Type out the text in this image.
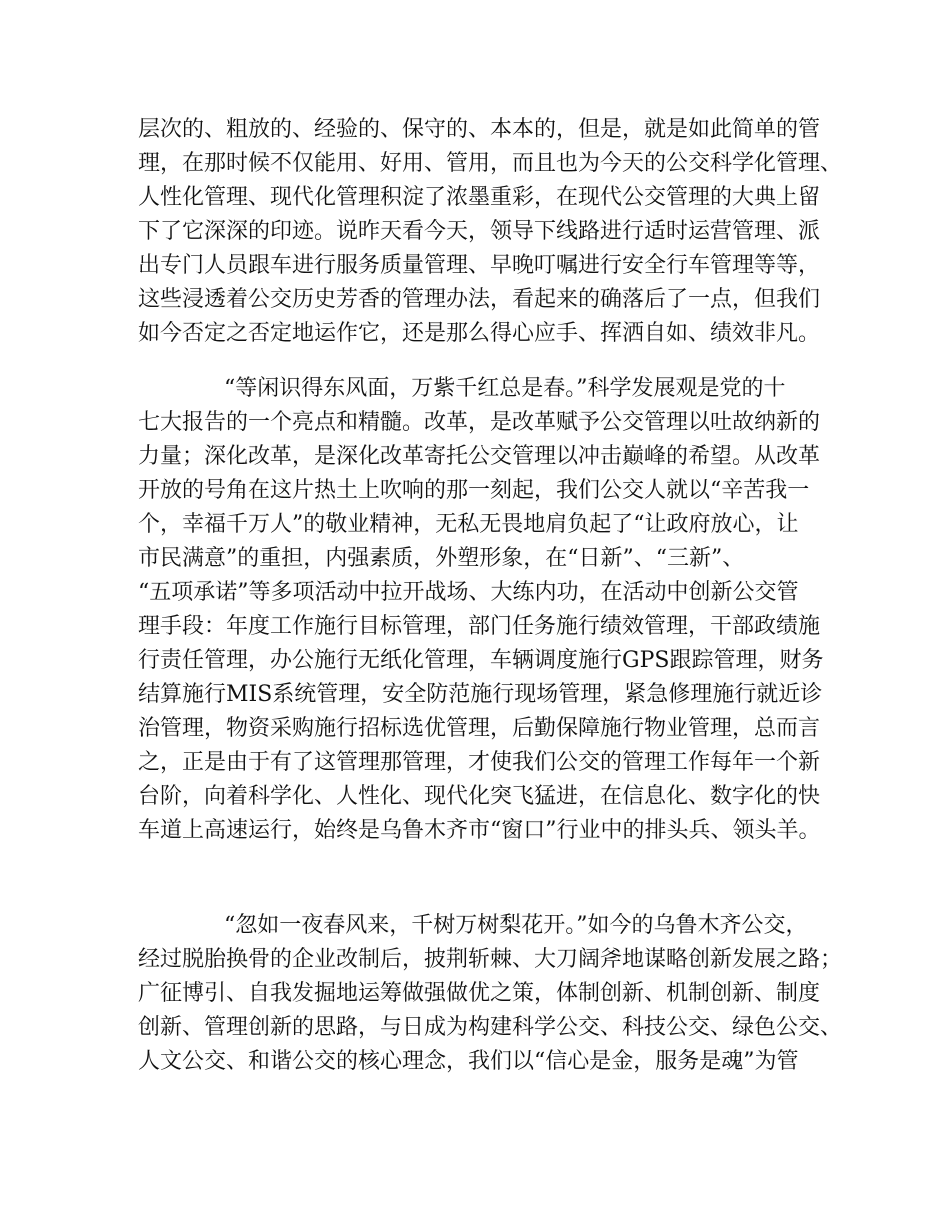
层次的、粗放的、经验的、保守的、本本的，但是，就是如此简单的管
理，在那时候不仅能用、好用、管用，而且也为今天的公交科学化管理、
人性化管理、现代化管理积淀了浓墨重彩，在现代公交管理的大典上留
下了它深深的印迹。说昨天看今天，领导下线路进行适时运营管理、派
出专门人员跟车进行服务质量管理、早晚叮嘱进行安全行车管理等等，
这些浸透着公交历史芳香的管理办法，看起来的确落后了一点，但我们
如今否定之否定地运作它，还是那么得心应手、挥洒自如、绩效非凡。
“等闲识得东风面，万紫千红总是春。”科学发展观是党的十
七大报告的一个亮点和精髓。改革，是改革赋予公交管理以吐故纳新的
力量；深化改革，是深化改革寄托公交管理以冲击巅峰的希望。从改革
开放的号角在这片热土上吹响的那一刻起，我们公交人就以“辛苦我一
个，幸福千万人”的敬业精神，无私无畏地肩负起了“让政府放心，让
市民满意”的重担，内强素质，外塑形象，在“日新”、“三新”、
“五项承诺”等多项活动中拉开战场、大练内功，在活动中创新公交管
理手段：年度工作施行目标管理，部门任务施行绩效管理，干部政绩施
行责任管理，办公施行无纸化管理，车辆调度施行GPS跟踪管理，财务
结算施行MIS系统管理，安全防范施行现场管理，紧急修理施行就近诊
治管理，物资采购施行招标选优管理，后勤保障施行物业管理，总而言
之，正是由于有了这管理那管理，才使我们公交的管理工作每年一个新
台阶，向着科学化、人性化、现代化突飞猛进，在信息化、数字化的快
车道上高速运行，始终是乌鲁木齐市“窗口”行业中的排头兵、领头羊。
“忽如一夜春风来，千树万树梨花开。”如今的乌鲁木齐公交，
经过脱胎换骨的企业改制后，披荆斩棘、大刀阔斧地谋略创新发展之路；
广征博引、自我发掘地运筹做强做优之策，体制创新、机制创新、制度
创新、管理创新的思路，与日成为构建科学公交、科技公交、绿色公交、
人文公交、和谐公交的核心理念，我们以“信心是金，服务是魂”为管
